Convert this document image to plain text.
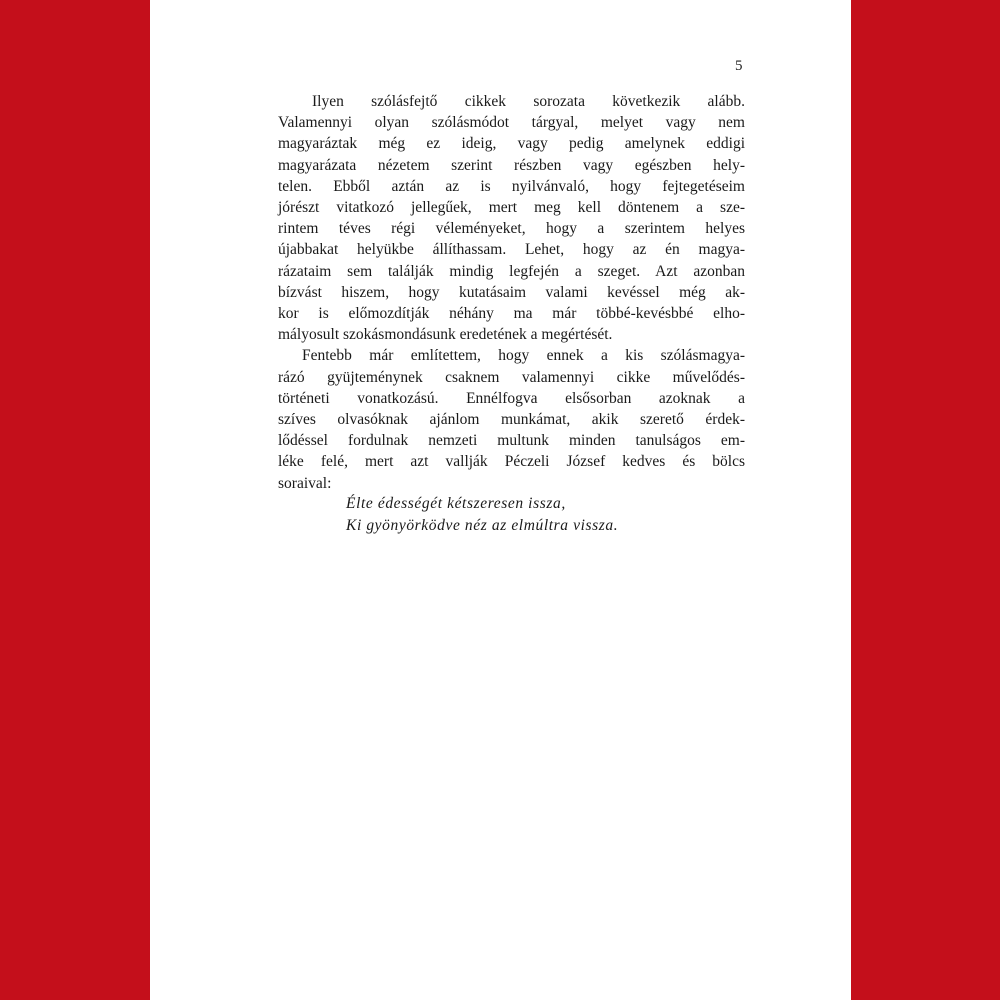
5
Ilyen szólásfejtő cikkek sorozata következik alább.
Valamennyi olyan szólásmódot tárgyal, melyet vagy nem
magyaráztak még ez ideig, vagy pedig amelynek eddigi
magyarázata nézetem szerint részben vagy egészben hely-
telen. Ebből aztán az is nyilvánvaló, hogy fejtegetéseim
jórészt vitatkozó jellegűek, mert meg kell döntenem a sze-
rintem téves régi véleményeket, hogy a szerintem helyes
újabbakat helyükbe állíthassam. Lehet, hogy az én magya-
rázataim sem találják mindig legfején a szeget. Azt azonban
bízvást hiszem, hogy kutatásaim valami kevéssel még ak-
kor is előmozdítják néhány ma már többé-kevésbbé elho-
mályosult szokásmondásunk eredetének a megértését.
Fentebb már említettem, hogy ennek a kis szólásmagya-
rázó gyüjteménynek csaknem valamennyi cikke művelődés-
történeti vonatkozású. Ennélfogva elsősorban azoknak a
szíves olvasóknak ajánlom munkámat, akik szerető érdek-
lődéssel fordulnak nemzeti multunk minden tanulságos em-
léke felé, mert azt vallják Péczeli József kedves és bölcs
soraival:
Élte édességét kétszeresen issza,
Ki gyönyörködve néz az elmúltra vissza.
